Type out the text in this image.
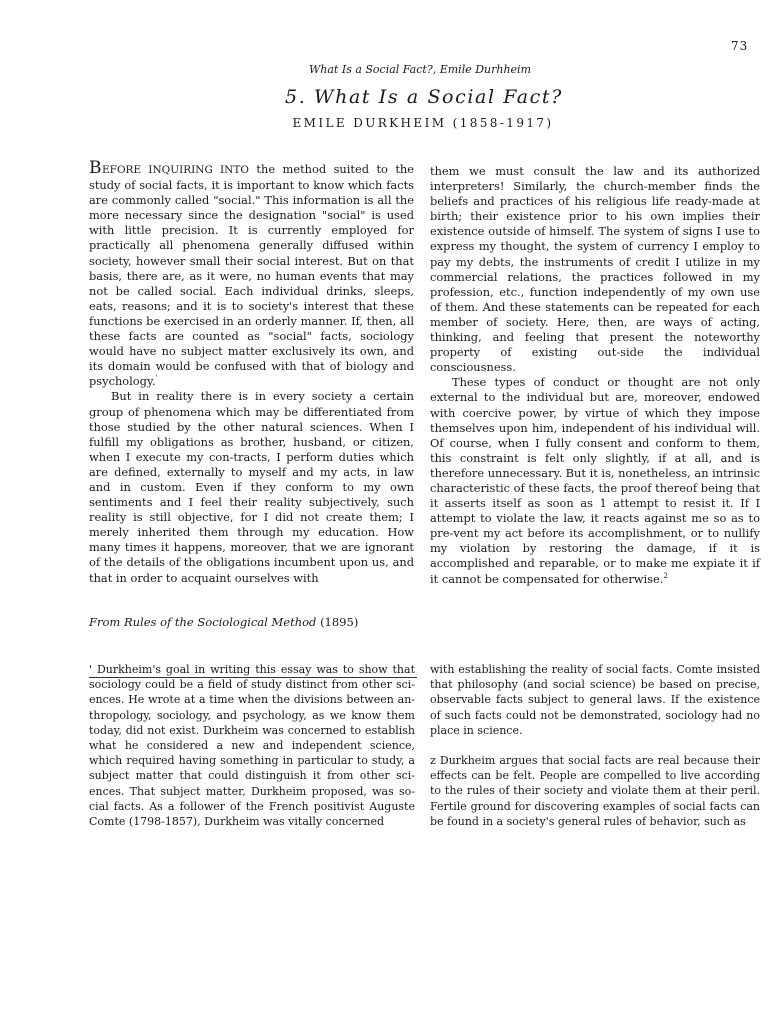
73
What Is a Social Fact?, Emile Durhheim
5. What Is a Social Fact?
EMILE DURKHEIM (1858-1917)

BEFORE INQUIRING INTO the method suited to the study of social facts, it is important to know which facts are commonly called "social." This information is all the more necessary since the designation "social" is used with little precision. It is currently employed for practically all phenomena generally diffused within society, however small their social interest. But on that basis, there are, as it were, no human events that may not be called social. Each individual drinks, sleeps, eats, reasons; and it is to society's interest that these functions be exercised in an orderly manner. If, then, all these facts are counted as "social" facts, sociology would have no subject matter exclusively its own, and its domain would be confused with that of biology and psychology.'

But in reality there is in every society a certain group of phenomena which may be differentiated from those studied by the other natural sciences. When I fulfill my obligations as brother, husband, or citizen, when I execute my con-tracts, I perform duties which are defined, externally to myself and my acts, in law and in custom. Even if they conform to my own sentiments and I feel their reality subjectively, such reality is still objective, for I did not create them; I merely inherited them through my education. How many times it happens, moreover, that we are ignorant of the details of the obligations incumbent upon us, and that in order to acquaint ourselves with

them we must consult the law and its authorized interpreters! Similarly, the church-member finds the beliefs and practices of his religious life ready-made at birth; their existence prior to his own implies their existence outside of himself. The system of signs I use to express my thought, the system of currency I employ to pay my debts, the instruments of credit I utilize in my commercial relations, the practices followed in my profession, etc., function independently of my own use of them. And these statements can be repeated for each member of society. Here, then, are ways of acting, thinking, and feeling that present the noteworthy property of existing out-side the individual consciousness.

These types of conduct or thought are not only external to the individual but are, moreover, endowed with coercive power, by virtue of which they impose themselves upon him, independent of his individual will. Of course, when I fully consent and conform to them, this constraint is felt only slightly, if at all, and is therefore unnecessary. But it is, nonetheless, an intrinsic characteristic of these facts, the proof thereof being that it asserts itself as soon as 1 attempt to resist it. If I attempt to violate the law, it reacts against me so as to pre-vent my act before its accomplishment, or to nullify my violation by restoring the damage, if it is accomplished and reparable, or to make me expiate it if it cannot be compensated for otherwise.$^2$

From Rules of the Sociological Method (1895)

' Durkheim's goal in writing this essay was to show that sociology could be a field of study distinct from other sci-ences. He wrote at a time when the divisions between an-thropology, sociology, and psychology, as we know them today, did not exist. Durkheim was concerned to establish what he considered a new and independent science, which required having something in particular to study, a subject matter that could distinguish it from other sci-ences. That subject matter, Durkheim proposed, was so-cial facts. As a follower of the French positivist Auguste Comte (1798-1857), Durkheim was vitally concerned

with establishing the reality of social facts. Comte insisted that philosophy (and social science) be based on precise, observable facts subject to general laws. If the existence of such facts could not be demonstrated, sociology had no place in science.

z Durkheim argues that social facts are real because their effects can be felt. People are compelled to live according to the rules of their society and violate them at their peril. Fertile ground for discovering examples of social facts can be found in a society's general rules of behavior, such as
